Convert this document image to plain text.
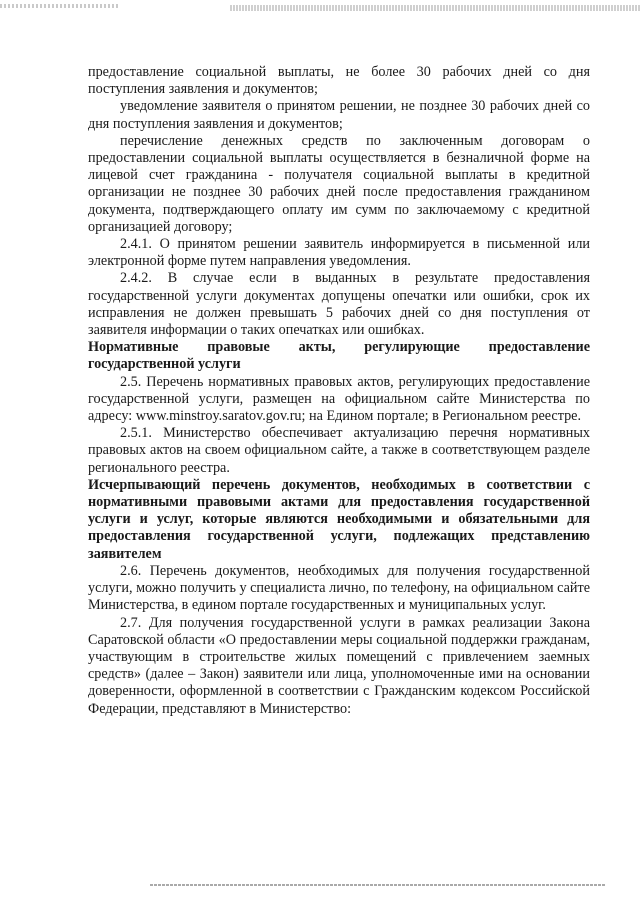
предоставление социальной выплаты, не более 30 рабочих дней со дня поступления заявления и документов;

уведомление заявителя о принятом решении, не позднее 30 рабочих дней со дня поступления заявления и документов;

перечисление денежных средств по заключенным договорам о предоставлении социальной выплаты осуществляется в безналичной форме на лицевой счет гражданина - получателя социальной выплаты в кредитной организации не позднее 30 рабочих дней после предоставления гражданином документа, подтверждающего оплату им сумм по заключаемому с кредитной организацией договору;

2.4.1. О принятом решении заявитель информируется в письменной или электронной форме путем направления уведомления.

2.4.2. В случае если в выданных в результате предоставления государственной услуги документах допущены опечатки или ошибки, срок их исправления не должен превышать 5 рабочих дней со дня поступления от заявителя информации о таких опечатках или ошибках.

Нормативные правовые акты, регулирующие предоставление государственной услуги

2.5. Перечень нормативных правовых актов, регулирующих предоставление государственной услуги, размещен на официальном сайте Министерства по адресу: www.minstroy.saratov.gov.ru; на Едином портале; в Региональном реестре.

2.5.1. Министерство обеспечивает актуализацию перечня нормативных правовых актов на своем официальном сайте, а также в соответствующем разделе регионального реестра.

Исчерпывающий перечень документов, необходимых в соответствии с нормативными правовыми актами для предоставления государственной услуги и услуг, которые являются необходимыми и обязательными для предоставления государственной услуги, подлежащих представлению заявителем

2.6. Перечень документов, необходимых для получения государственной услуги, можно получить у специалиста лично, по телефону, на официальном сайте Министерства, в едином портале государственных и муниципальных услуг.

2.7. Для получения государственной услуги в рамках реализации Закона Саратовской области «О предоставлении меры социальной поддержки гражданам, участвующим в строительстве жилых помещений с привлечением заемных средств» (далее – Закон) заявители или лица, уполномоченные ими на основании доверенности, оформленной в соответствии с Гражданским кодексом Российской Федерации, представляют в Министерство:
